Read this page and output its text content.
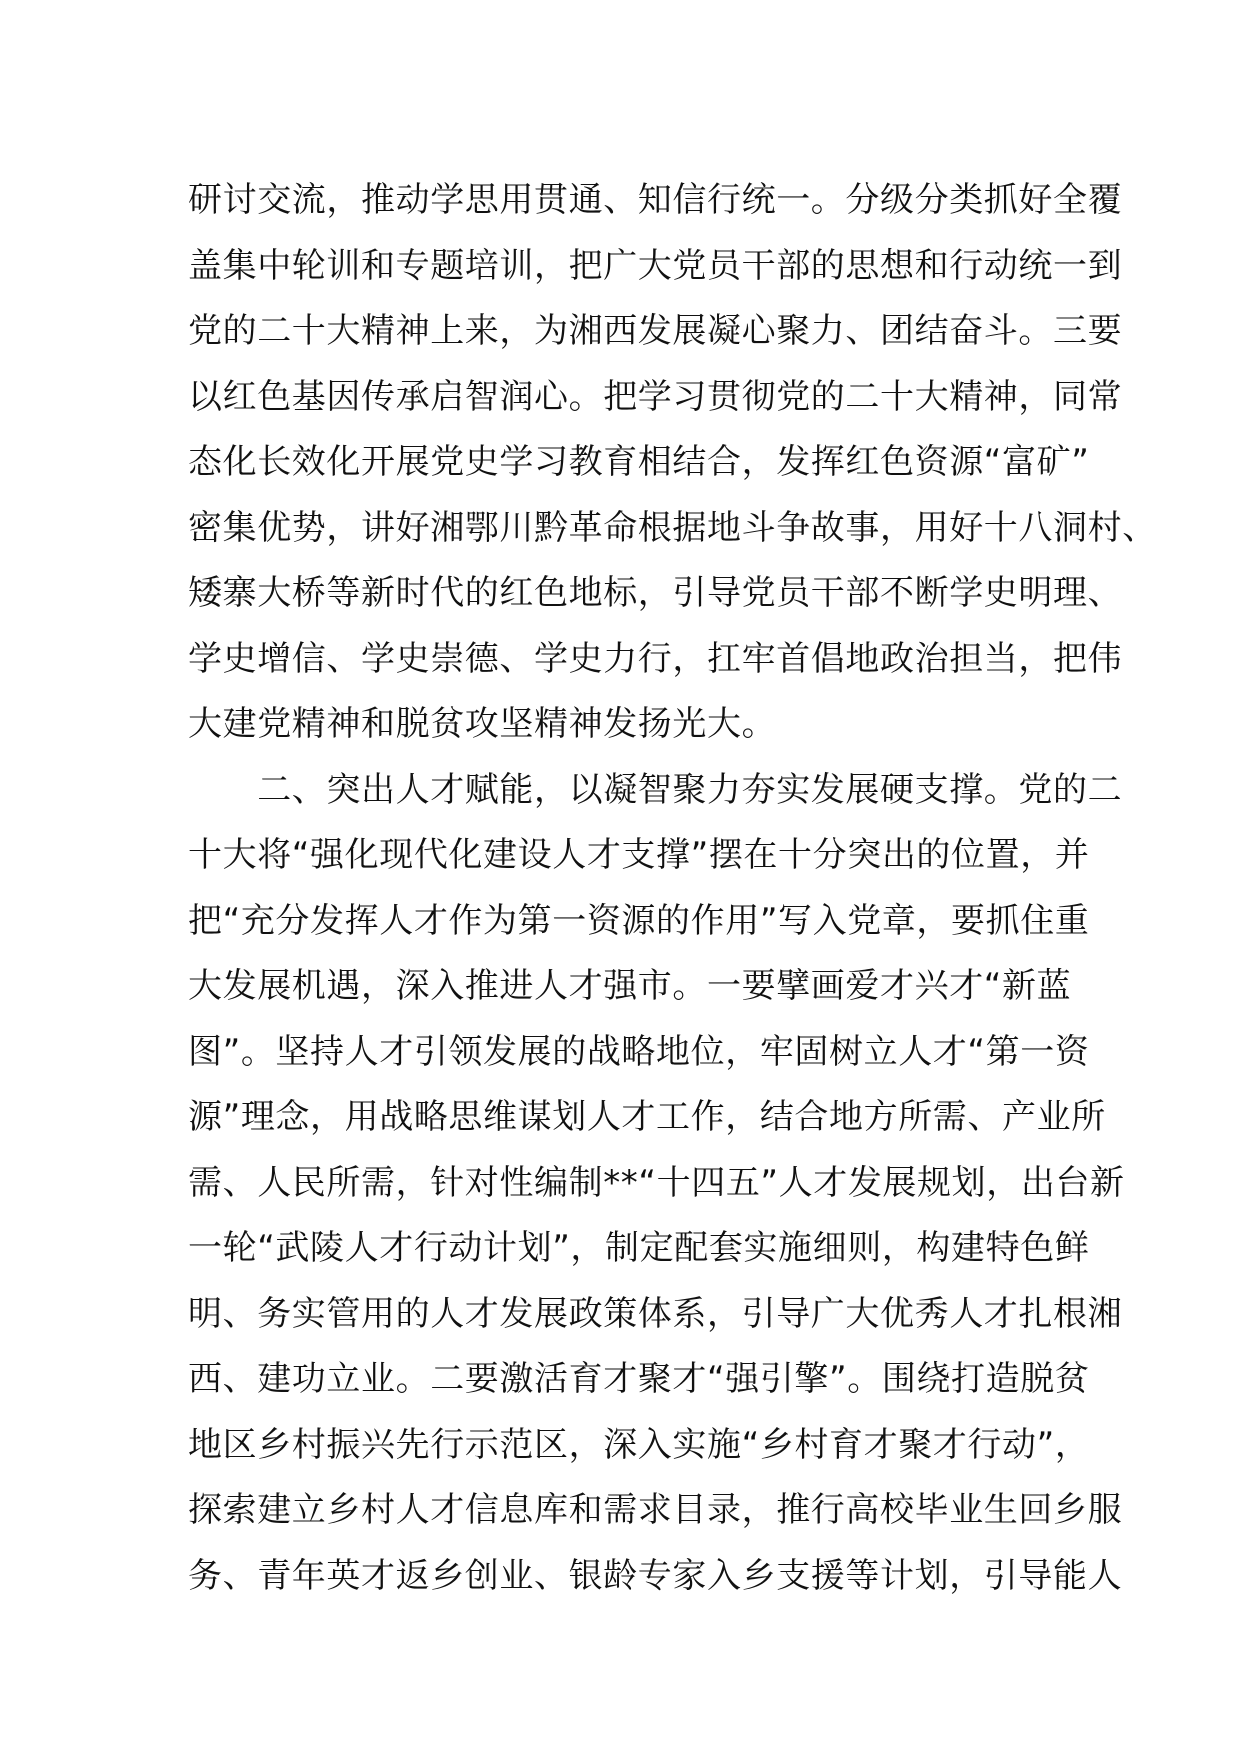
研讨交流，推动学思用贯通、知信行统一。分级分类抓好全覆
盖集中轮训和专题培训，把广大党员干部的思想和行动统一到
党的二十大精神上来，为湘西发展凝心聚力、团结奋斗。三要
以红色基因传承启智润心。把学习贯彻党的二十大精神，同常
态化长效化开展党史学习教育相结合，发挥红色资源“富矿”
密集优势，讲好湘鄂川黔革命根据地斗争故事，用好十八洞村、
矮寨大桥等新时代的红色地标，引导党员干部不断学史明理、
学史增信、学史崇德、学史力行，扛牢首倡地政治担当，把伟
大建党精神和脱贫攻坚精神发扬光大。
　　二、突出人才赋能，以凝智聚力夯实发展硬支撑。党的二
十大将“强化现代化建设人才支撑”摆在十分突出的位置，并
把“充分发挥人才作为第一资源的作用”写入党章，要抓住重
大发展机遇，深入推进人才强市。一要擘画爱才兴才“新蓝
图”。坚持人才引领发展的战略地位，牢固树立人才“第一资
源”理念，用战略思维谋划人才工作，结合地方所需、产业所
需、人民所需，针对性编制**“十四五”人才发展规划，出台新
一轮“武陵人才行动计划”，制定配套实施细则，构建特色鲜
明、务实管用的人才发展政策体系，引导广大优秀人才扎根湘
西、建功立业。二要激活育才聚才“强引擎”。围绕打造脱贫
地区乡村振兴先行示范区，深入实施“乡村育才聚才行动”，
探索建立乡村人才信息库和需求目录，推行高校毕业生回乡服
务、青年英才返乡创业、银龄专家入乡支援等计划，引导能人
